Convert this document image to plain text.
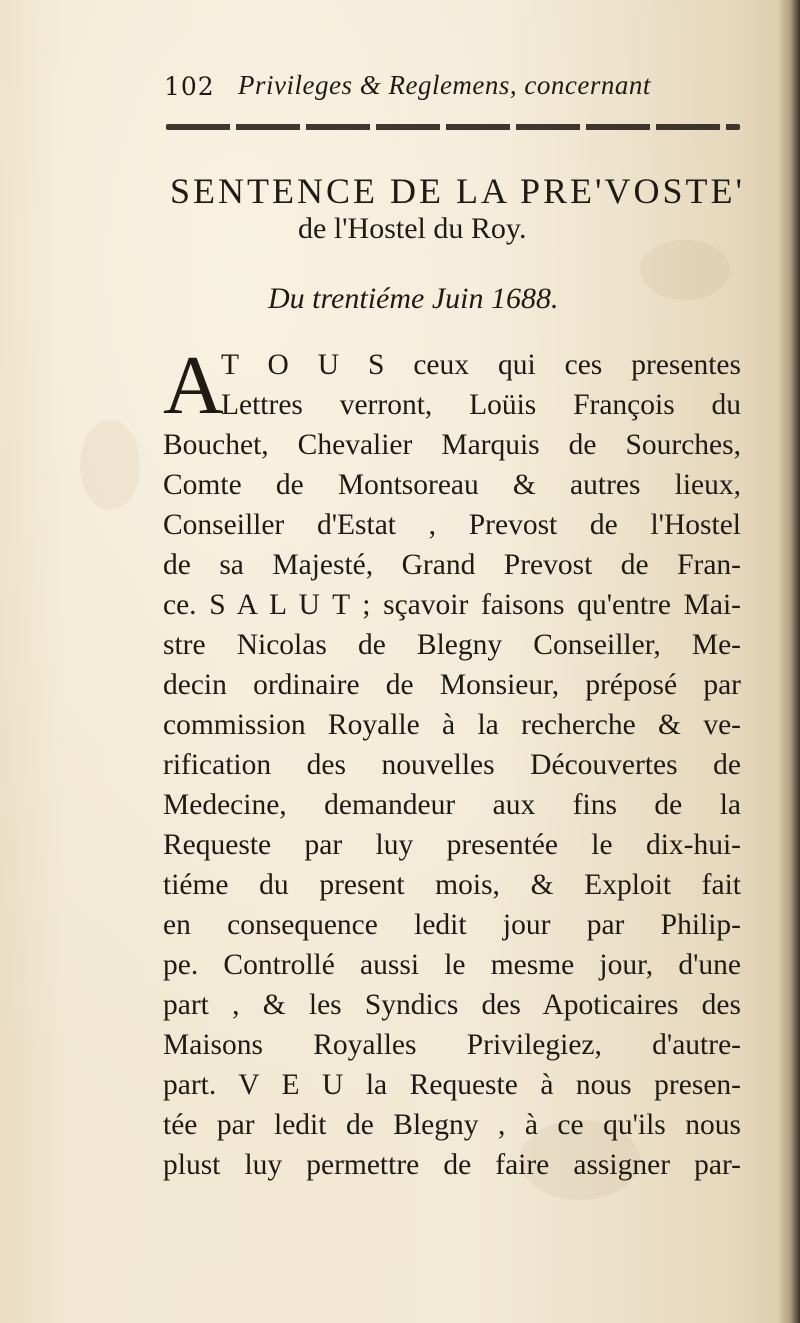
102 Privileges & Reglemens, concernant
SENTENCE DE LA PRE'VOSTE'
de l'Hostel du Roy.
Du trentiéme Juin 1688.
A
T O U S ceux qui ces presentes
Lettres verront, Loüis François du
Bouchet, Chevalier Marquis de Sourches,
Comte de Montsoreau & autres lieux,
Conseiller d'Estat , Prevost de l'Hostel
de sa Majesté, Grand Prevost de Fran-
ce. S A L U T ; sçavoir faisons qu'entre Mai-
stre Nicolas de Blegny Conseiller, Me-
decin ordinaire de Monsieur, préposé par
commission Royalle à la recherche & ve-
rification des nouvelles Découvertes de
Medecine, demandeur aux fins de la
Requeste par luy presentée le dix-hui-
tiéme du present mois, & Exploit fait
en consequence ledit jour par Philip-
pe. Controllé aussi le mesme jour, d'une
part , & les Syndics des Apoticaires des
Maisons Royalles Privilegiez, d'autre-
part. V E U la Requeste à nous presen-
tée par ledit de Blegny , à ce qu'ils nous
plust luy permettre de faire assigner par-
